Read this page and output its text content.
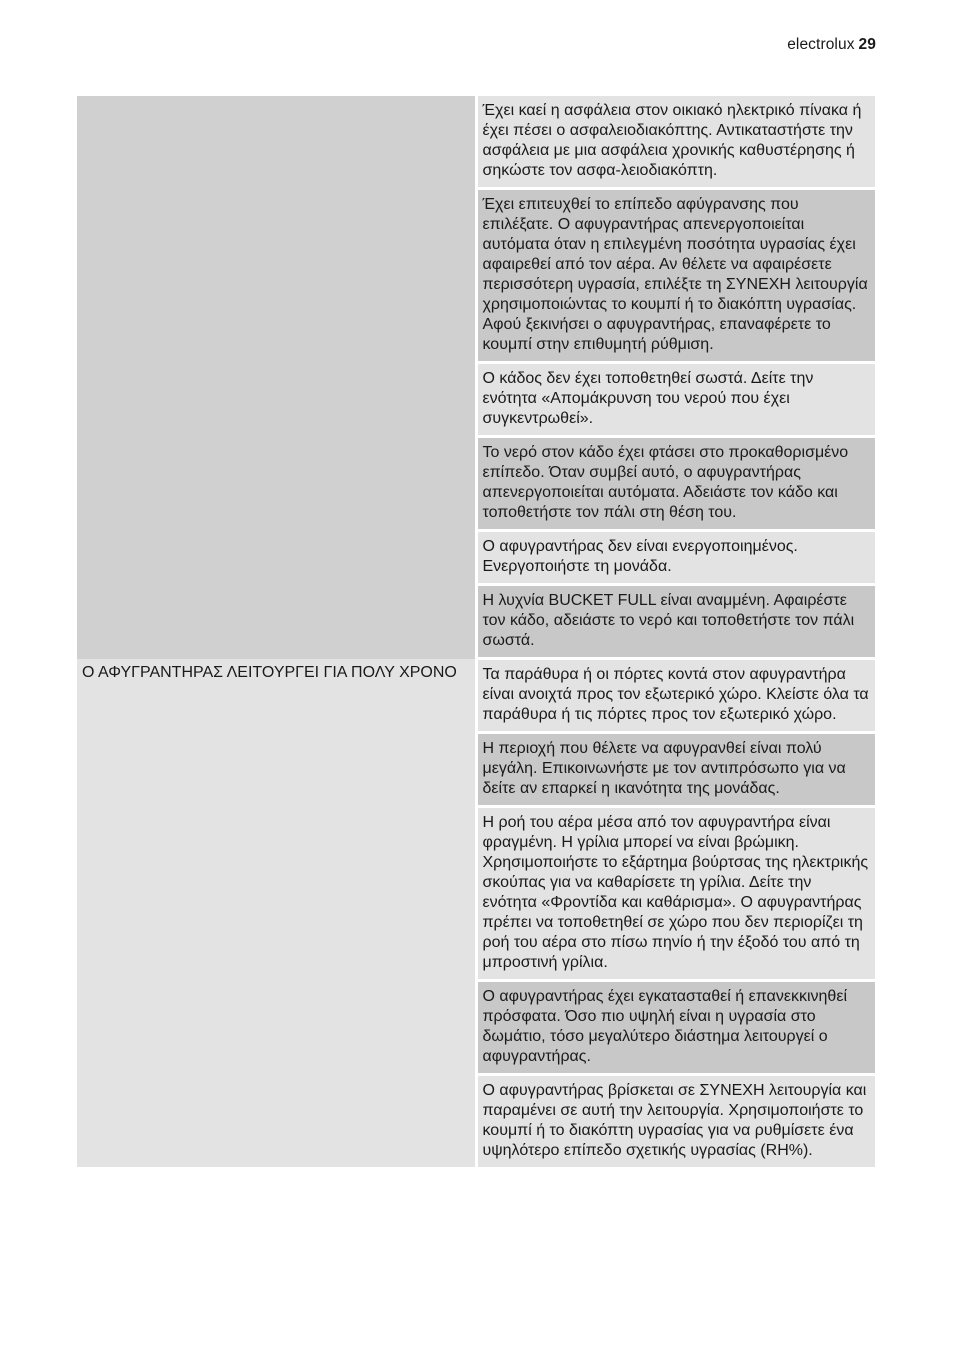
electrolux 29
	Έχει καεί η ασφάλεια στον οικιακό ηλεκτρικό πίνακα ή έχει πέσει ο ασφαλειοδιακόπτης. Αντικαταστήστε την ασφάλεια με μια ασφάλεια χρονικής καθυστέρησης ή σηκώστε τον ασφα-λειοδιακόπτη.
	Έχει επιτευχθεί το επίπεδο αφύγρανσης που επιλέξατε. Ο αφυγραντήρας απενεργοποιείται αυτόματα όταν η επιλεγμένη ποσότητα υγρασίας έχει αφαιρεθεί από τον αέρα. Αν θέλετε να αφαιρέσετε περισσότερη υγρασία, επιλέξτε τη ΣΥΝΕΧΗ λειτουργία χρησιμοποιώντας το κουμπί ή το διακόπτη υγρασίας. Αφού ξεκινήσει ο αφυγραντήρας, επαναφέρετε το κουμπί στην επιθυμητή ρύθμιση.
	Ο κάδος δεν έχει τοποθετηθεί σωστά. Δείτε την ενότητα «Απομάκρυνση του νερού που έχει συγκεντρωθεί».
	Το νερό στον κάδο έχει φτάσει στο προκαθορισμένο επίπεδο. Όταν συμβεί αυτό, ο αφυγραντήρας απενεργοποιείται αυτόματα. Αδειάστε τον κάδο και τοποθετήστε τον πάλι στη θέση του.
	Ο αφυγραντήρας δεν είναι ενεργοποιημένος. Ενεργοποιήστε τη μονάδα.
	Η λυχνία BUCKET FULL είναι αναμμένη. Αφαιρέστε τον κάδο, αδειάστε το νερό και τοποθετήστε τον πάλι σωστά.

Ο ΑΦΥΓΡΑΝΤΗΡΑΣ ΛΕΙΤΟΥΡΓΕΙ ΓΙΑ ΠΟΛΥ ΧΡΟΝΟ	Τα παράθυρα ή οι πόρτες κοντά στον αφυγραντήρα είναι ανοιχτά προς τον εξωτερικό χώρο. Κλείστε όλα τα παράθυρα ή τις πόρτες προς τον εξωτερικό χώρο.
	Η περιοχή που θέλετε να αφυγρανθεί είναι πολύ μεγάλη. Επικοινωνήστε με τον αντιπρόσωπο για να δείτε αν επαρκεί η ικανότητα της μονάδας.
	Η ροή του αέρα μέσα από τον αφυγραντήρα είναι φραγμένη. Η γρίλια μπορεί να είναι βρώμικη. Χρησιμοποιήστε το εξάρτημα βούρτσας της ηλεκτρικής σκούπας για να καθαρίσετε τη γρίλια. Δείτε την ενότητα «Φροντίδα και καθάρισμα». Ο αφυγραντήρας πρέπει να τοποθετηθεί σε χώρο που δεν περιορίζει τη ροή του αέρα στο πίσω πηνίο ή την έξοδό του από τη μπροστινή γρίλια.
	Ο αφυγραντήρας έχει εγκατασταθεί ή επανεκκινηθεί πρόσφατα. Όσο πιο υψηλή είναι η υγρασία στο δωμάτιο, τόσο μεγαλύτερο διάστημα λειτουργεί ο αφυγραντήρας.
	Ο αφυγραντήρας βρίσκεται σε ΣΥΝΕΧΗ λειτουργία και παραμένει σε αυτή την λειτουργία. Χρησιμοποιήστε το κουμπί ή το διακόπτη υγρασίας για να ρυθμίσετε ένα υψηλότερο επίπεδο σχετικής υγρασίας (RH%).
